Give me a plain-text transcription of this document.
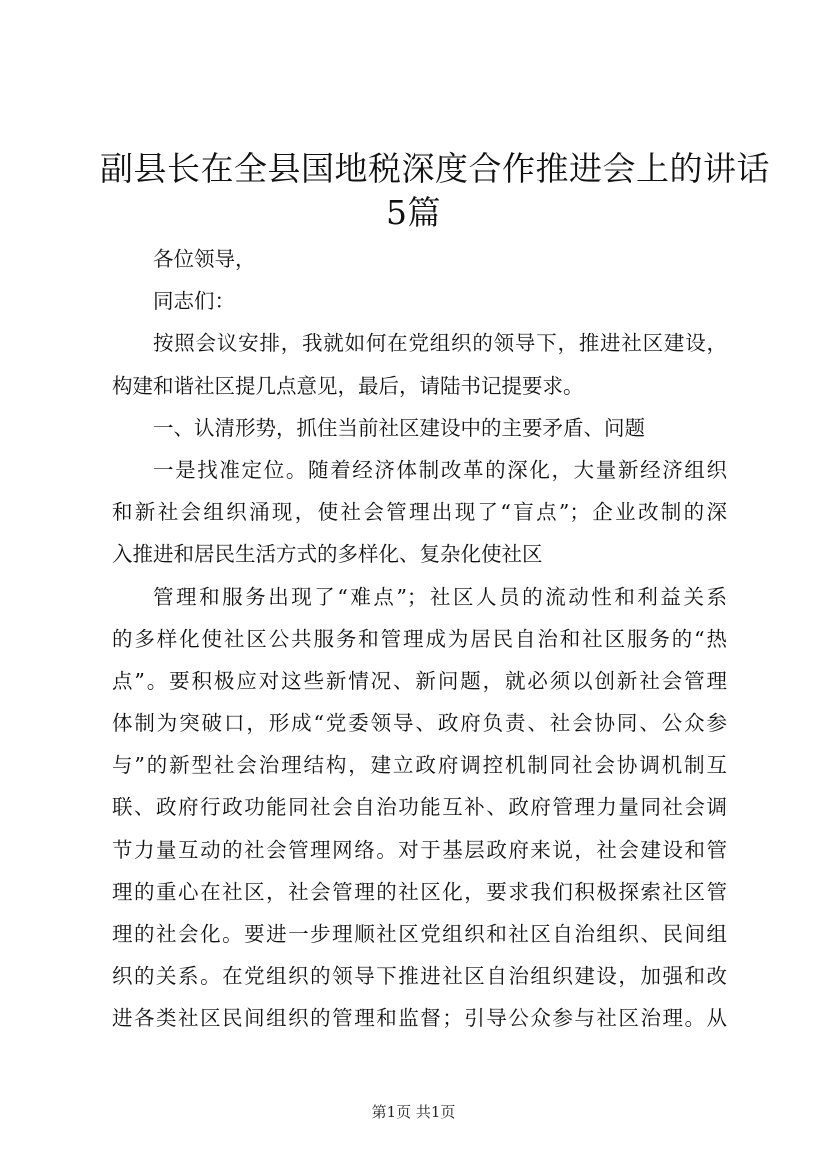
副县长在全县国地税深度合作推进会上的讲话
5篇
各位领导，
同志们：
按照会议安排，我就如何在党组织的领导下，推进社区建设，
构建和谐社区提几点意见，最后，请陆书记提要求。
一、认清形势，抓住当前社区建设中的主要矛盾、问题
一是找准定位。随着经济体制改革的深化，大量新经济组织
和新社会组织涌现，使社会管理出现了“盲点”；企业改制的深
入推进和居民生活方式的多样化、复杂化使社区
管理和服务出现了“难点”；社区人员的流动性和利益关系
的多样化使社区公共服务和管理成为居民自治和社区服务的“热
点”。要积极应对这些新情况、新问题，就必须以创新社会管理
体制为突破口，形成“党委领导、政府负责、社会协同、公众参
与”的新型社会治理结构，建立政府调控机制同社会协调机制互
联、政府行政功能同社会自治功能互补、政府管理力量同社会调
节力量互动的社会管理网络。对于基层政府来说，社会建设和管
理的重心在社区，社会管理的社区化，要求我们积极探索社区管
理的社会化。要进一步理顺社区党组织和社区自治组织、民间组
织的关系。在党组织的领导下推进社区自治组织建设，加强和改
进各类社区民间组织的管理和监督；引导公众参与社区治理。从
第1页 共1页
